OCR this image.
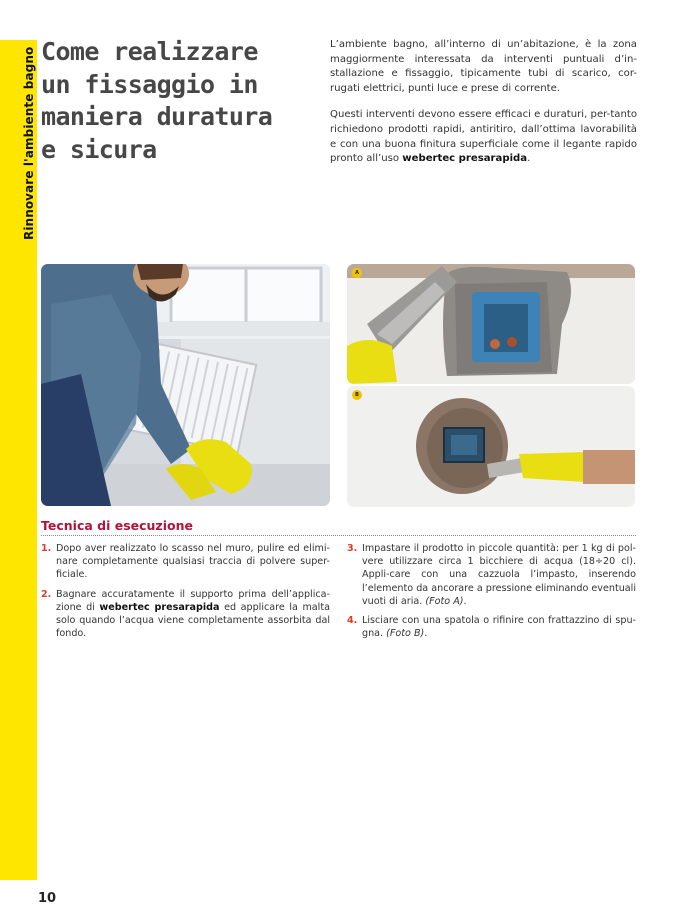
Rinnovare l'ambiente bagno Come realizzare
un fissaggio in
maniera duratura
e sicura

L’ambiente bagno, all’interno di un’abitazione, è la zona maggiormente interessata da interventi puntuali d’in-stallazione e fissaggio, tipicamente tubi di scarico, cor-rugati elettrici, punti luce e prese di corrente.

Questi interventi devono essere efficaci e duraturi, per-tanto richiedono prodotti rapidi, antiritiro, dall’ottima lavorabilità e con una buona finitura superficiale come il legante rapido pronto all’uso webertec presarapida.

A
B
Tecnica di esecuzione
1. Dopo aver realizzato lo scasso nel muro, pulire ed elimi-nare completamente qualsiasi traccia di polvere super-ficiale.
2. Bagnare accuratamente il supporto prima dell’applica-zione di webertec presarapida ed applicare la malta solo quando l’acqua viene completamente assorbita dal fondo.
3. Impastare il prodotto in piccole quantità: per 1 kg di pol-vere utilizzare circa 1 bicchiere di acqua (18÷20 cl). Appli-care con una cazzuola l’impasto, inserendo l’elemento da ancorare a pressione eliminando eventuali vuoti di aria. (Foto A).
4. Lisciare con una spatola o rifinire con frattazzino di spu-gna. (Foto B).
10
